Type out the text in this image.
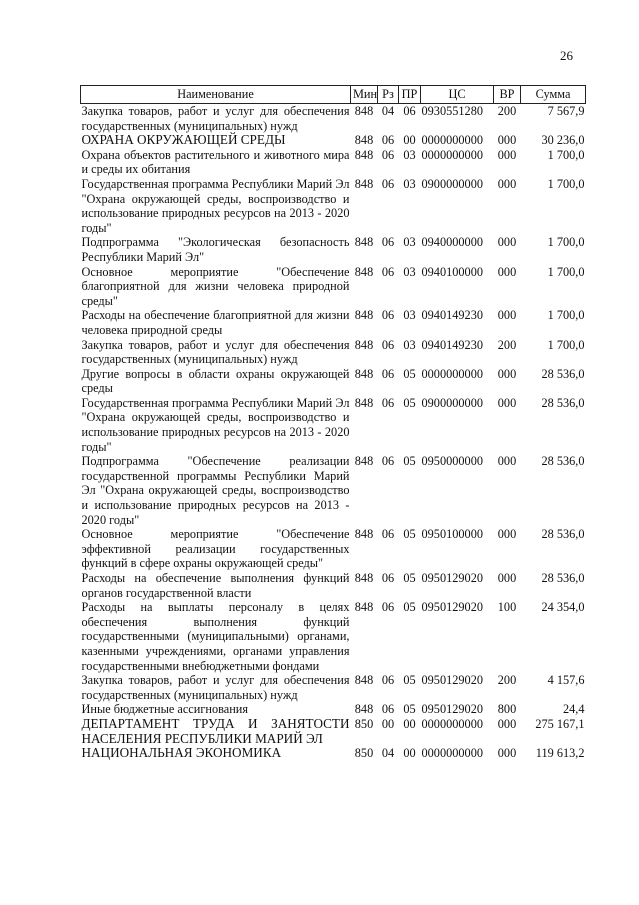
26
Наименование	Мин	Рз	ПР	ЦС	ВР	Сумма
Закупка товаров, работ и услуг для обеспечения государственных (муниципальных) нужд	848	04	06	0930551280	200	7 567,9
ОХРАНА ОКРУЖАЮЩЕЙ СРЕДЫ	848	06	00	0000000000	000	30 236,0
Охрана объектов растительного и животного мира и среды их обитания	848	06	03	0000000000	000	1 700,0
Государственная программа Республики Марий Эл "Охрана окружающей среды, воспроизводство и использование природных ресурсов на 2013 - 2020 годы"	848	06	03	0900000000	000	1 700,0
Подпрограмма "Экологическая безопасность Республики Марий Эл"	848	06	03	0940000000	000	1 700,0
Основное мероприятие "Обеспечение благоприятной для жизни человека природной среды"	848	06	03	0940100000	000	1 700,0
Расходы на обеспечение благоприятной для жизни человека природной среды	848	06	03	0940149230	000	1 700,0
Закупка товаров, работ и услуг для обеспечения государственных (муниципальных) нужд	848	06	03	0940149230	200	1 700,0
Другие вопросы в области охраны окружающей среды	848	06	05	0000000000	000	28 536,0
Государственная программа Республики Марий Эл "Охрана окружающей среды, воспроизводство и использование природных ресурсов на 2013 - 2020 годы"	848	06	05	0900000000	000	28 536,0
Подпрограмма "Обеспечение реализации государственной программы Республики Марий Эл "Охрана окружающей среды, воспроизводство и использование природных ресурсов на 2013 - 2020 годы"	848	06	05	0950000000	000	28 536,0
Основное мероприятие "Обеспечение эффективной реализации государственных функций в сфере охраны окружающей среды"	848	06	05	0950100000	000	28 536,0
Расходы на обеспечение выполнения функций органов государственной власти	848	06	05	0950129020	000	28 536,0
Расходы на выплаты персоналу в целях обеспечения выполнения функций государственными (муниципальными) органами, казенными учреждениями, органами управления государственными внебюджетными фондами	848	06	05	0950129020	100	24 354,0
Закупка товаров, работ и услуг для обеспечения государственных (муниципальных) нужд	848	06	05	0950129020	200	4 157,6
Иные бюджетные ассигнования	848	06	05	0950129020	800	24,4
ДЕПАРТАМЕНТ ТРУДА И ЗАНЯТОСТИ НАСЕЛЕНИЯ РЕСПУБЛИКИ МАРИЙ ЭЛ	850	00	00	0000000000	000	275 167,1
НАЦИОНАЛЬНАЯ ЭКОНОМИКА	850	04	00	0000000000	000	119 613,2
